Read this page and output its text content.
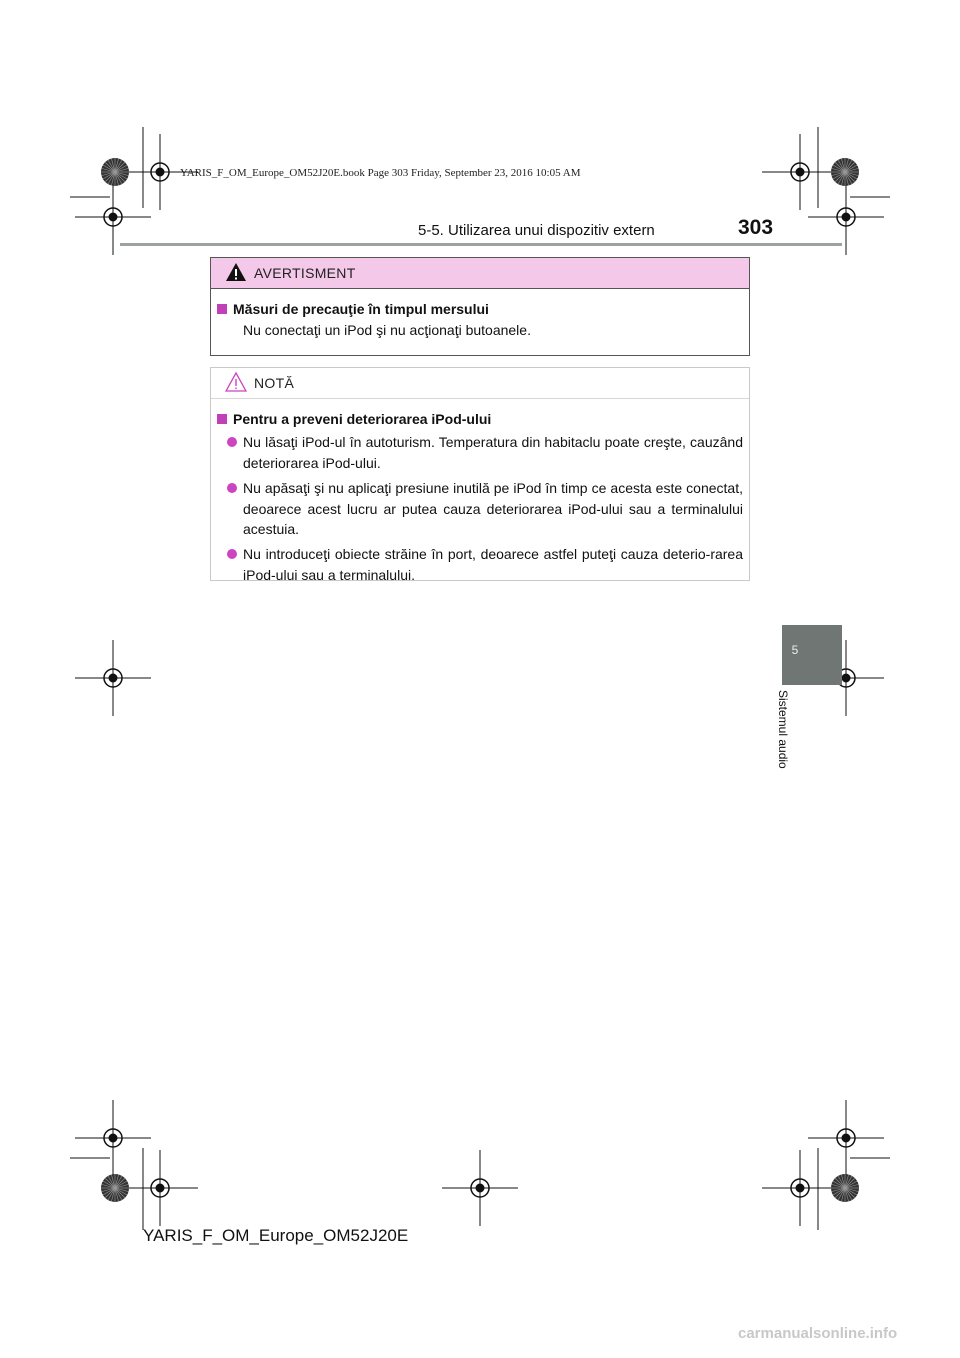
YARIS_F_OM_Europe_OM52J20E.book Page 303 Friday, September 23, 2016 10:05 AM
5-5. Utilizarea unui dispozitiv extern	303
AVERTISMENT
Măsuri de precauţie în timpul mersului
Nu conectaţi un iPod şi nu acţionaţi butoanele.
NOTĂ
Pentru a preveni deteriorarea iPod-ului
Nu lăsaţi iPod-ul în autoturism. Temperatura din habitaclu poate creşte, cauzând deteriorarea iPod-ului.
Nu apăsaţi şi nu aplicaţi presiune inutilă pe iPod în timp ce acesta este conectat, deoarece acest lucru ar putea cauza deteriorarea iPod-ului sau a terminalului acestuia.
Nu introduceţi obiecte străine în port, deoarece astfel puteţi cauza deterio-rarea iPod-ului sau a terminalului.
5
Sistemul audio
YARIS_F_OM_Europe_OM52J20E
carmanualsonline.info
